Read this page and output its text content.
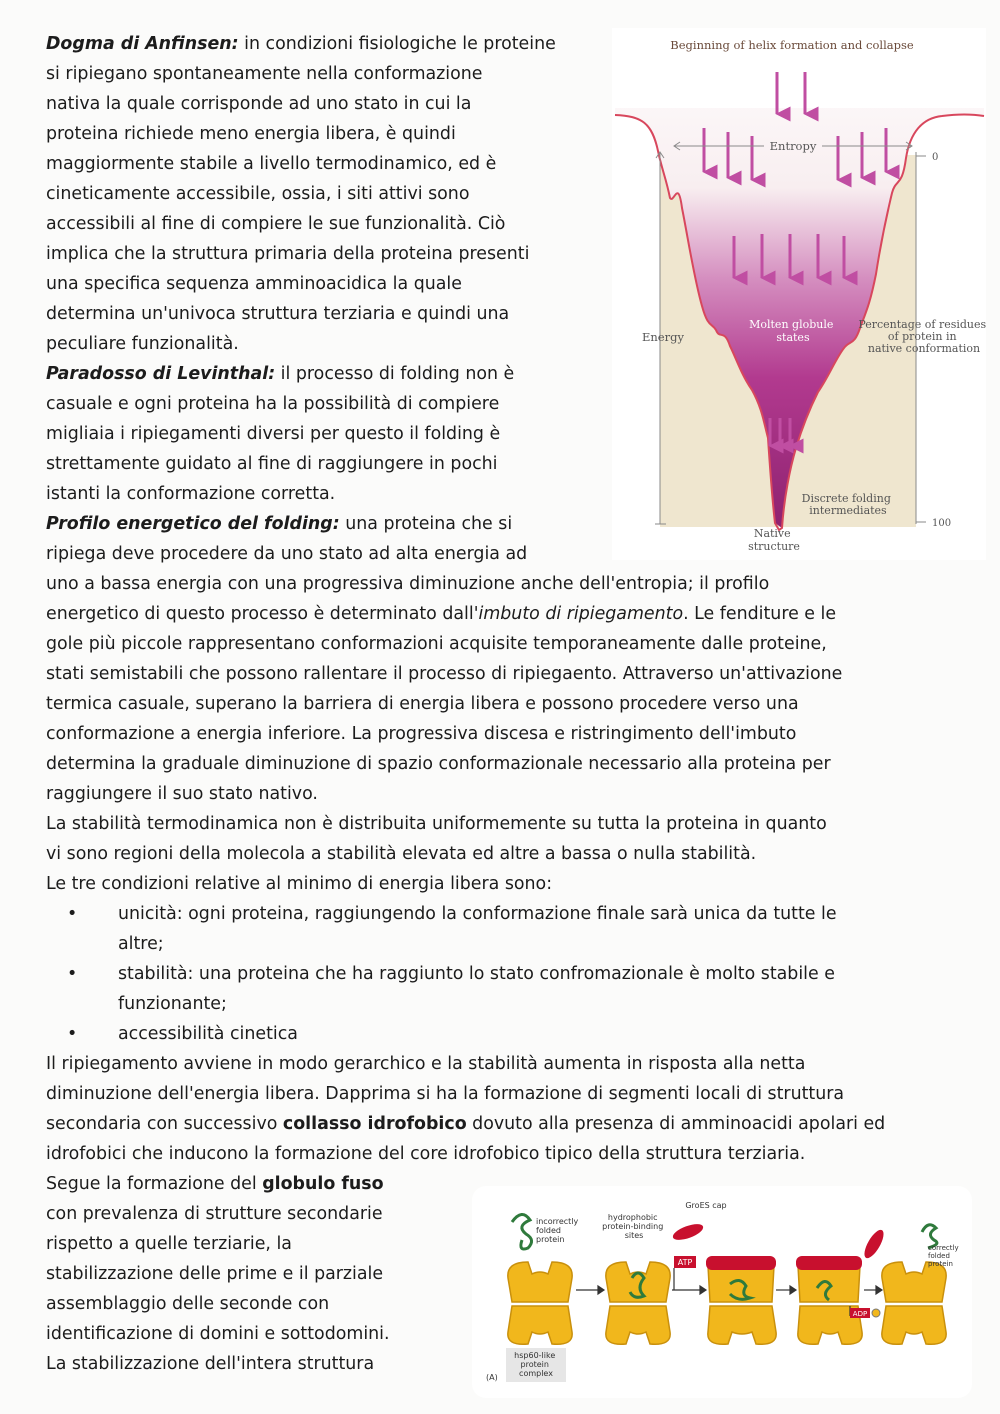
Dogma di Anfinsen: in condizioni fisiologiche le proteine
si ripiegano spontaneamente nella conformazione
nativa la quale corrisponde ad uno stato in cui la
proteina richiede meno energia libera, è quindi
maggiormente stabile a livello termodinamico, ed è
cineticamente accessibile, ossia, i siti attivi sono
accessibili al fine di compiere le sue funzionalità. Ciò
implica che la struttura primaria della proteina presenti
una specifica sequenza amminoacidica la quale
determina un'univoca struttura terziaria e quindi una
peculiare funzionalità.

Paradosso di Levinthal: il processo di folding non è
casuale e ogni proteina ha la possibilità di compiere
migliaia i ripiegamenti diversi per questo il folding è
strettamente guidato al fine di raggiungere in pochi
istanti la conformazione corretta.

Profilo energetico del folding: una proteina che si
ripiega deve procedere da uno stato ad alta energia ad
uno a bassa energia con una progressiva diminuzione anche dell'entropia; il profilo
energetico di questo processo è determinato dall'imbuto di ripiegamento. Le fenditure e le
gole più piccole rappresentano conformazioni acquisite temporaneamente dalle proteine,
stati semistabili che possono rallentare il processo di ripiegaento. Attraverso un'attivazione
termica casuale, superano la barriera di energia libera e possono procedere verso una
conformazione a energia inferiore. La progressiva discesa e ristringimento dell'imbuto
determina la graduale diminuzione di spazio conformazionale necessario alla proteina per
raggiungere il suo stato nativo.

La stabilità termodinamica non è distribuita uniformemente su tutta la proteina in quanto
vi sono regioni della molecola a stabilità elevata ed altre a bassa o nulla stabilità.
Le tre condizioni relative al minimo di energia libera sono:

• unicità: ogni proteina, raggiungendo la conformazione finale sarà unica da tutte le
altre;

• stabilità: una proteina che ha raggiunto lo stato confromazionale è molto stabile e
funzionante;

• accessibilità cinetica

Il ripiegamento avviene in modo gerarchico e la stabilità aumenta in risposta alla netta
diminuzione dell'energia libera. Dapprima si ha la formazione di segmenti locali di struttura
secondaria con successivo collasso idrofobico dovuto alla presenza di amminoacidi apolari ed
idrofobici che inducono la formazione del core idrofobico tipico della struttura terziaria.

Segue la formazione del globulo fuso
con prevalenza di strutture secondarie
rispetto a quelle terziarie, la
stabilizzazione delle prime e il parziale
assemblaggio delle seconde con
identificazione di domini e sottodomini.
La stabilizzazione dell'intera struttura

Beginning of helix formation and collapse
Entropy
Energy
0
100
Molten globule states
Percentage of residues of protein in native conformation
Discrete folding intermediates
Native structure
ATP
ADP
incorrectly folded protein
hydrophobic protein-binding sites
GroES cap
correctly folded protein
hsp60-like protein complex
(A)
